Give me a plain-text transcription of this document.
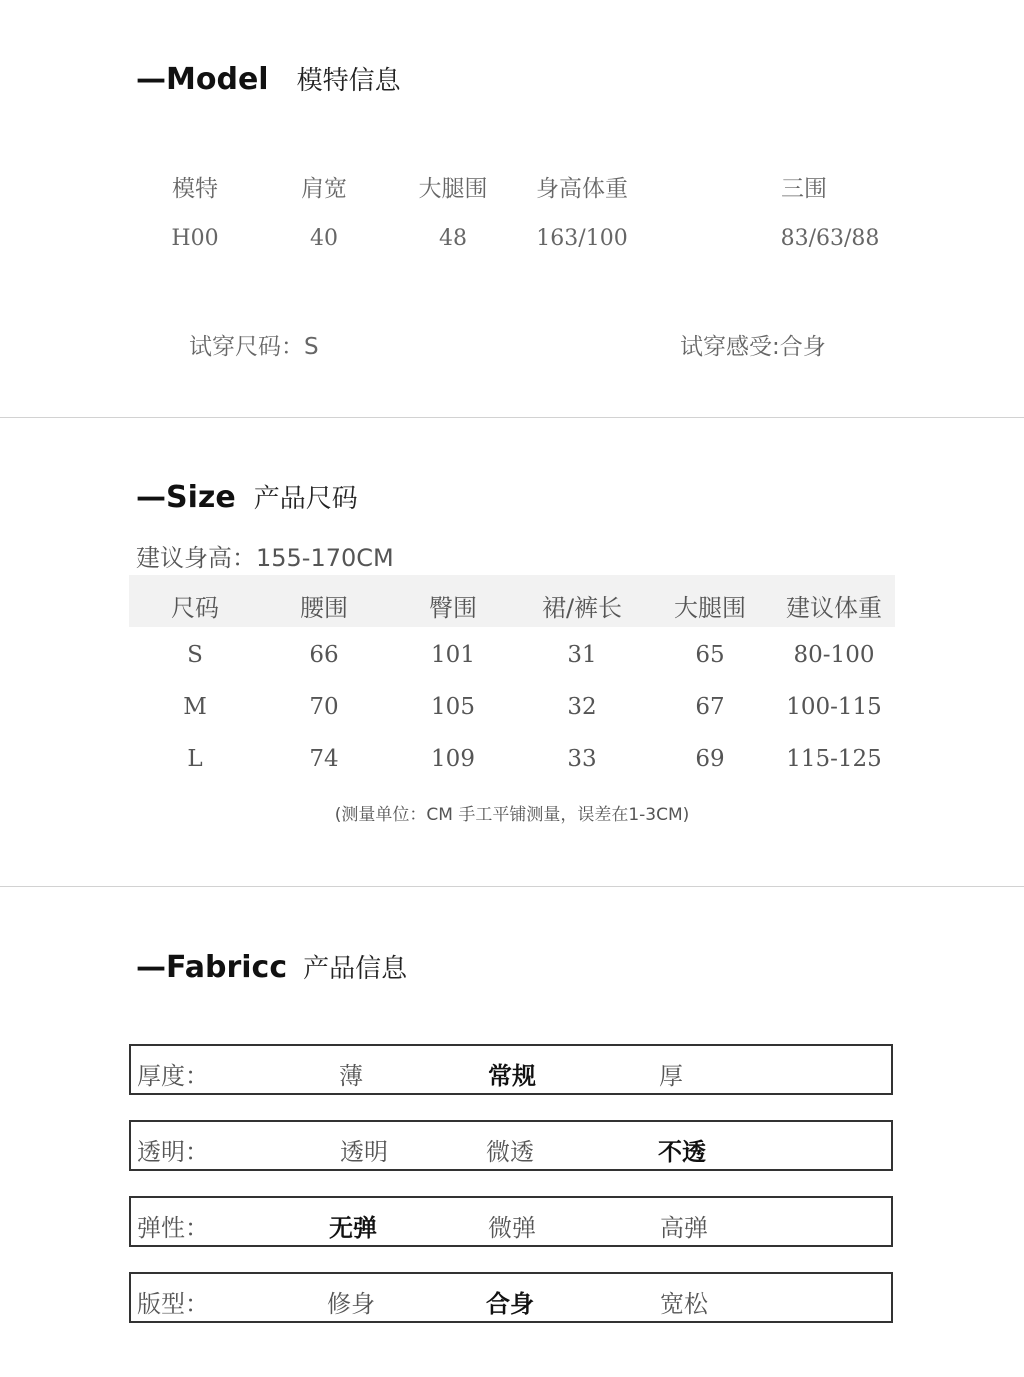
— Model 模特信息
模特	肩宽	大腿围 身高体重	三围
H00	40	48	163/100	83/63/88
试穿尺码：S	试穿感受:合身
— Size 产品尺码
建议身高：155-170CM
尺码	腰围	臀围	裙/裤长 大腿围 建议体重
S	66	101	31	65	80-100
M	70	105	32	67	100-115
L	74	109	33	69	115-125
(测量单位：CM 手工平铺测量，误差在1-3CM)
— Fabricc 产品信息
厚度：	薄	常规	厚
透明：	透明	微透	不透
弹性：	无弹	微弹	高弹
版型：	修身	合身	宽松
